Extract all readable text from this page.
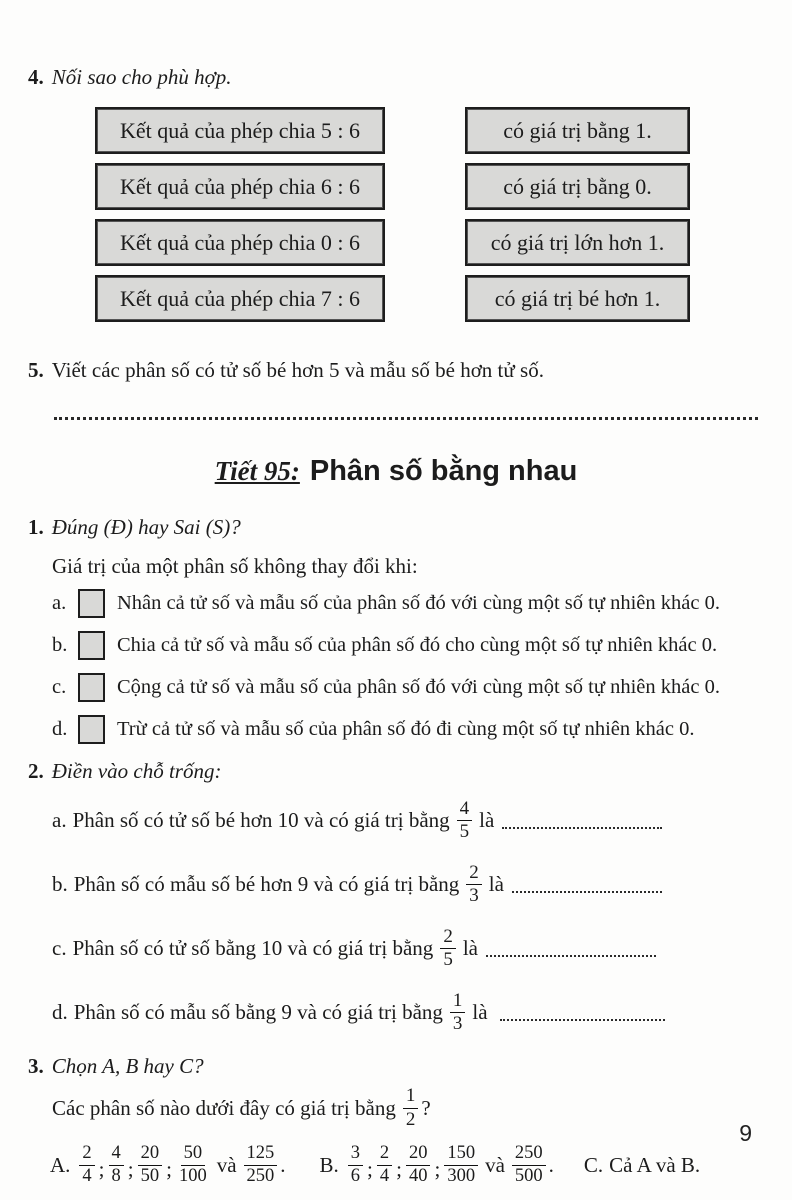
4. Nối sao cho phù hợp.
Kết quả của phép chia 5 : 6
Kết quả của phép chia 6 : 6
Kết quả của phép chia 0 : 6
Kết quả của phép chia 7 : 6
có giá trị bằng 1.
có giá trị bằng 0.
có giá trị lớn hơn 1.
có giá trị bé hơn 1.
5. Viết các phân số có tử số bé hơn 5 và mẫu số bé hơn tử số.
Tiết 95: Phân số bằng nhau
1. Đúng (Đ) hay Sai (S)?
Giá trị của một phân số không thay đổi khi:
a.	Nhân cả tử số và mẫu số của phân số đó với cùng một số tự nhiên khác 0.
b.	Chia cả tử số và mẫu số của phân số đó cho cùng một số tự nhiên khác 0.
c.	Cộng cả tử số và mẫu số của phân số đó với cùng một số tự nhiên khác 0.
d.	Trừ cả tử số và mẫu số của phân số đó đi cùng một số tự nhiên khác 0.
2. Điền vào chỗ trống:
a. Phân số có tử số bé hơn 10 và có giá trị bằng $\frac{4}{5}$ là
b. Phân số có mẫu số bé hơn 9 và có giá trị bằng $\frac{2}{3}$ là
c. Phân số có tử số bằng 10 và có giá trị bằng $\frac{2}{5}$ là
d. Phân số có mẫu số bằng 9 và có giá trị bằng $\frac{1}{3}$ là
3. Chọn A, B hay C?
Các phân số nào dưới đây có giá trị bằng $\frac{1}{2}$ ?
A. $\frac{2}{4}$ ; $\frac{4}{8}$ ; $\frac{20}{50}$ ; $\frac{50}{100}$ và $\frac{125}{250}$ . B. $\frac{3}{6}$ ; $\frac{2}{4}$ ; $\frac{20}{40}$ ; $\frac{150}{300}$ và $\frac{250}{500}$ . C. Cả A và B.
9
